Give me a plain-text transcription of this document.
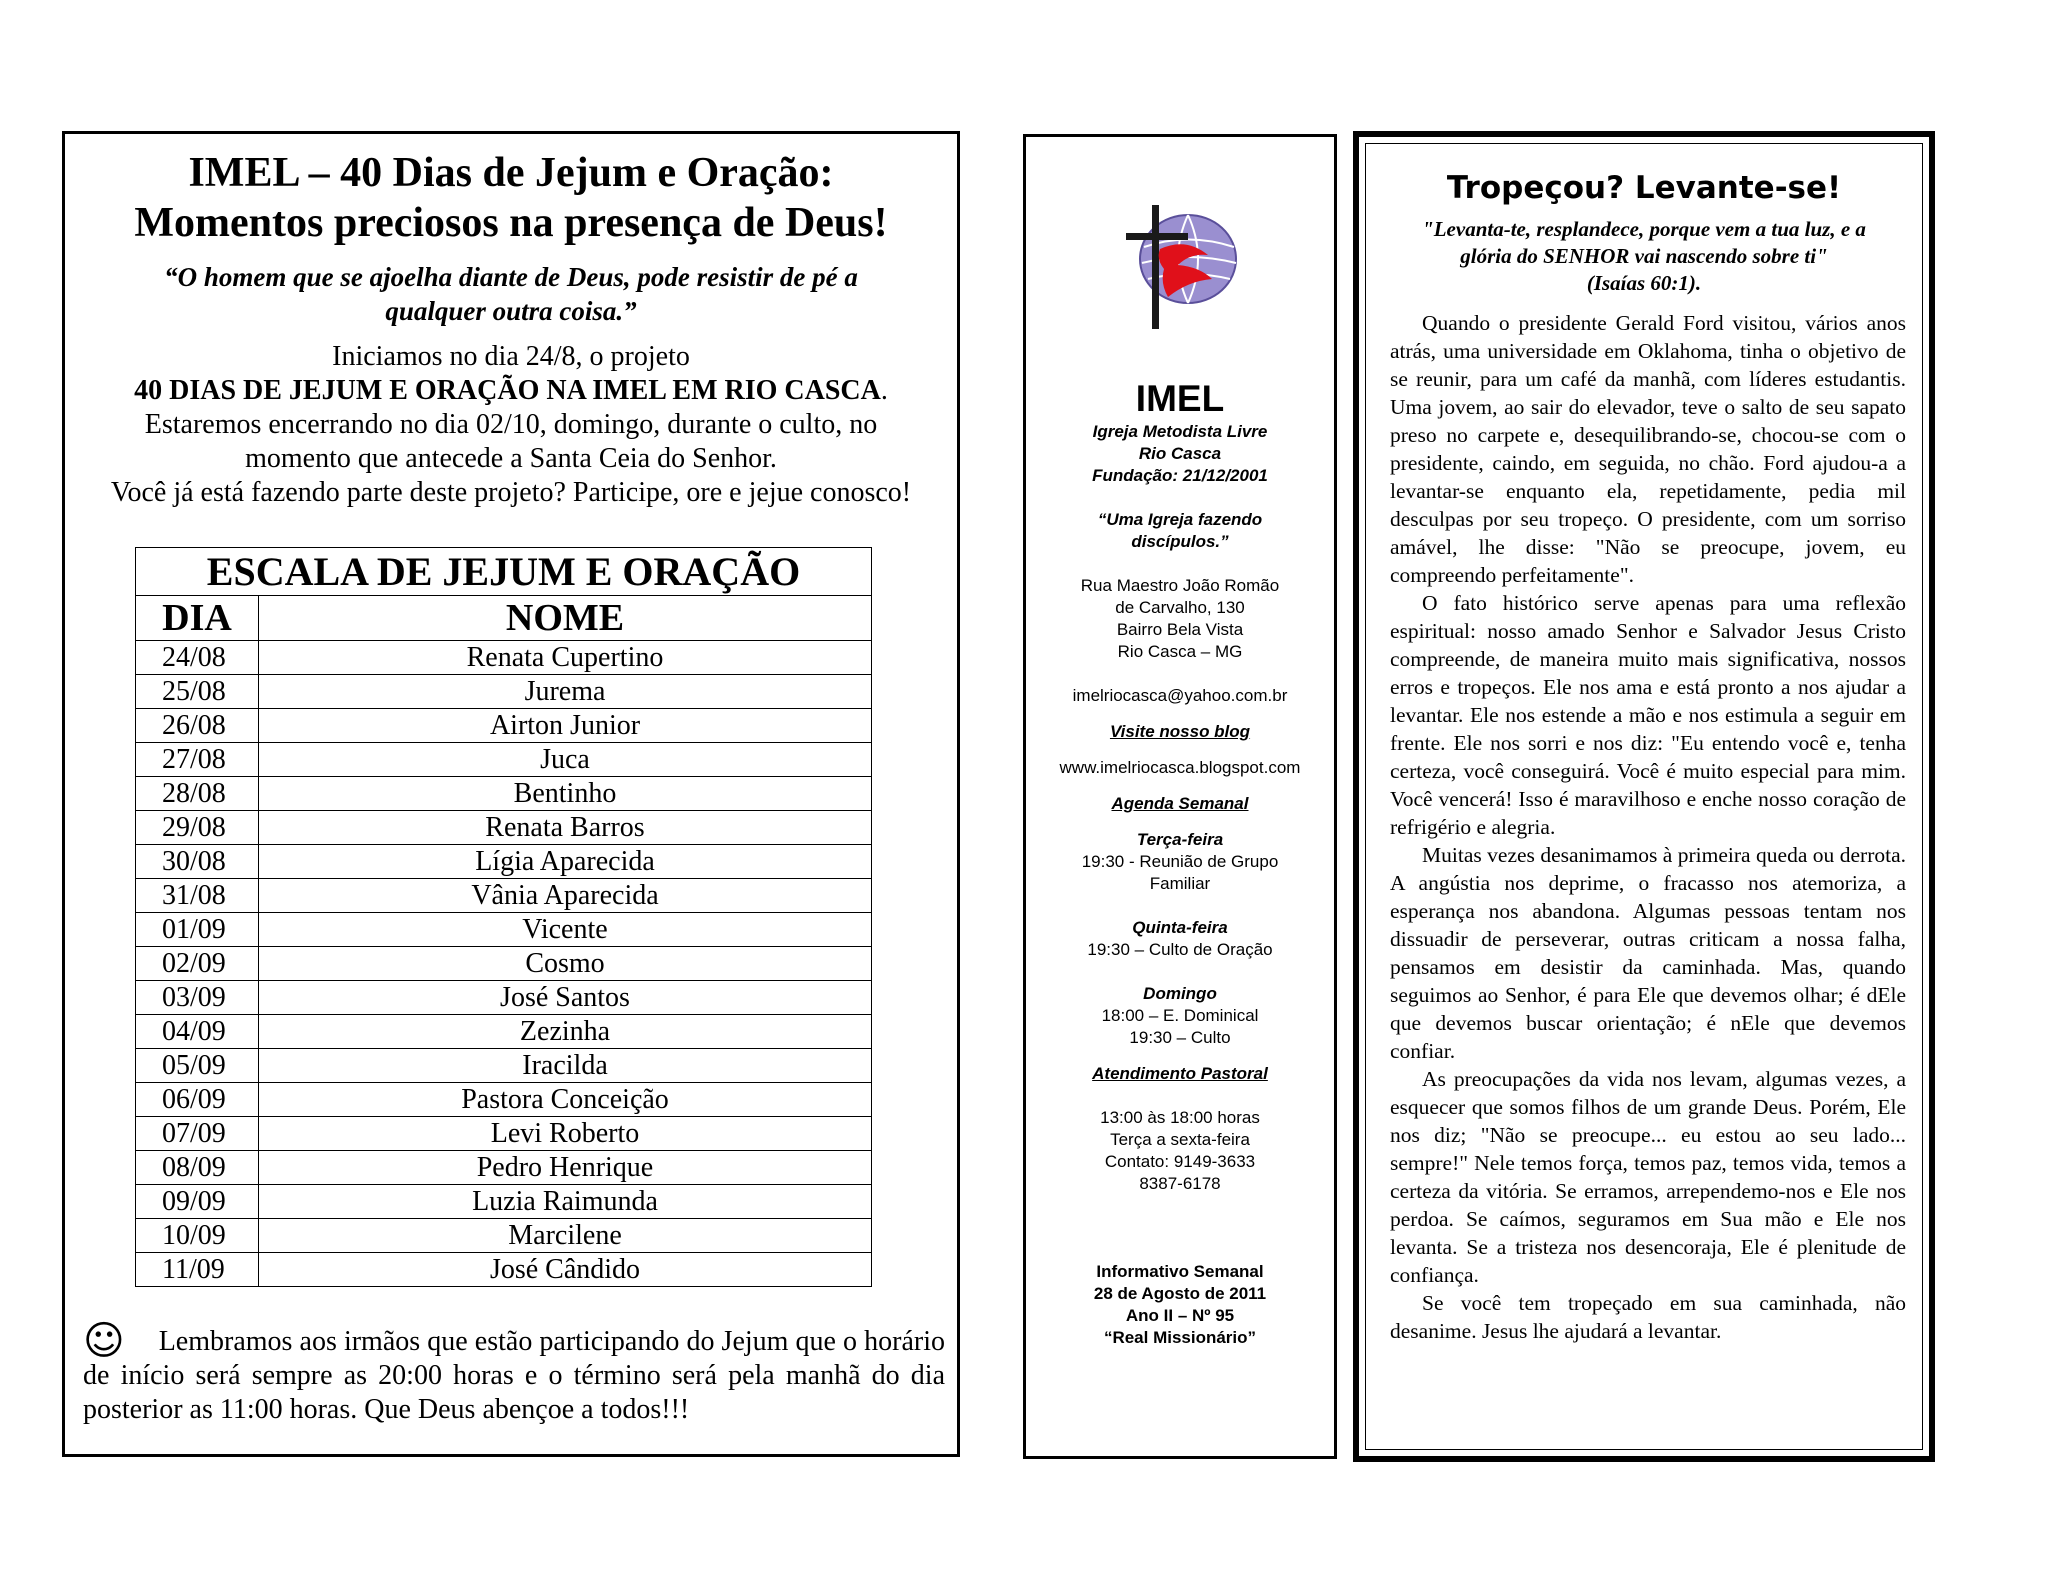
IMEL – 40 Dias de Jejum e Oração:
Momentos preciosos na presença de Deus!
“O homem que se ajoelha diante de Deus, pode resistir de pé a qualquer outra coisa.”
Iniciamos no dia 24/8, o projeto
40 DIAS DE JEJUM E ORAÇÃO NA IMEL EM RIO CASCA.
Estaremos encerrando no dia 02/10, domingo, durante o culto, no
momento que antecede a Santa Ceia do Senhor.
Você já está fazendo parte deste projeto? Participe, ore e jejue conosco!
ESCALA DE JEJUM E ORAÇÃO	
DIA	NOME
24/08	Renata Cupertino
25/08	Jurema
26/08	Airton Junior
27/08	Juca
28/08	Bentinho
29/08	Renata Barros
30/08	Lígia Aparecida
31/08	Vânia Aparecida
01/09	Vicente
02/09	Cosmo
03/09	José Santos
04/09	Zezinha
05/09	Iracilda
06/09	Pastora Conceição
07/09	Levi Roberto
08/09	Pedro Henrique
09/09	Luzia Raimunda
10/09	Marcilene
11/09	José Cândido
☺ Lembramos aos irmãos que estão participando do Jejum que o horário de início será sempre as 20:00 horas e o término será pela manhã do dia posterior as 11:00 horas. Que Deus abençoe a todos!!!
IMEL
Igreja Metodista Livre
Rio Casca
Fundação: 21/12/2001
“Uma Igreja fazendo
discípulos.”
Rua Maestro João Romão
de Carvalho, 130
Bairro Bela Vista
Rio Casca – MG
imelriocasca@yahoo.com.br
Visite nosso blog
www.imelriocasca.blogspot.com
Agenda Semanal
Terça-feira
19:30 - Reunião de Grupo
Familiar
Quinta-feira
19:30 – Culto de Oração
Domingo
18:00 – E. Dominical
19:30 – Culto
Atendimento Pastoral
13:00 às 18:00 horas
Terça a sexta-feira
Contato: 9149-3633
8387-6178
Informativo Semanal
28 de Agosto de 2011
Ano II – Nº 95
“Real Missionário”
Tropeçou? Levante-se!
"Levanta-te, resplandece, porque vem a tua luz, e a
glória do SENHOR vai nascendo sobre ti"
(Isaías 60:1).

Quando o presidente Gerald Ford visitou, vários anos atrás, uma universidade em Oklahoma, tinha o objetivo de se reunir, para um café da manhã, com líderes estudantis. Uma jovem, ao sair do elevador, teve o salto de seu sapato preso no carpete e, desequilibrando-se, chocou-se com o presidente, caindo, em seguida, no chão. Ford ajudou-a a levantar-se enquanto ela, repetidamente, pedia mil desculpas por seu tropeço. O presidente, com um sorriso amável, lhe disse: "Não se preocupe, jovem, eu compreendo perfeitamente".

O fato histórico serve apenas para uma reflexão espiritual: nosso amado Senhor e Salvador Jesus Cristo compreende, de maneira muito mais significativa, nossos erros e tropeços. Ele nos ama e está pronto a nos ajudar a levantar. Ele nos estende a mão e nos estimula a seguir em frente. Ele nos sorri e nos diz: "Eu entendo você e, tenha certeza, você conseguirá. Você é muito especial para mim. Você vencerá! Isso é maravilhoso e enche nosso coração de refrigério e alegria.

Muitas vezes desanimamos à primeira queda ou derrota. A angústia nos deprime, o fracasso nos atemoriza, a esperança nos abandona. Algumas pessoas tentam nos dissuadir de perseverar, outras criticam a nossa falha, pensamos em desistir da caminhada. Mas, quando seguimos ao Senhor, é para Ele que devemos olhar; é dEle que devemos buscar orientação; é nEle que devemos confiar.

As preocupações da vida nos levam, algumas vezes, a esquecer que somos filhos de um grande Deus. Porém, Ele nos diz; "Não se preocupe... eu estou ao seu lado... sempre!" Nele temos força, temos paz, temos vida, temos a certeza da vitória. Se erramos, arrependemo-nos e Ele nos perdoa. Se caímos, seguramos em Sua mão e Ele nos levanta. Se a tristeza nos desencoraja, Ele é plenitude de confiança.

Se você tem tropeçado em sua caminhada, não desanime. Jesus lhe ajudará a levantar.
